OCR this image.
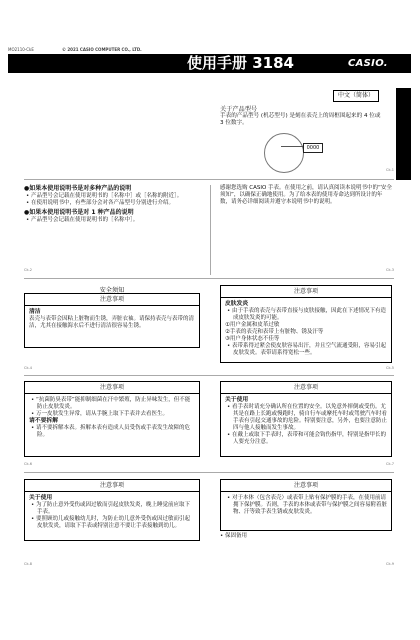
MO2110-CkE	© 2021 CASIO COMPUTER CO., LTD.
使用手册 3184	CASIO.
中文（简体）
关于产品型号
手表的产品型号 (机芯型号) 是刻在表壳上的周框围起来的 4 位或 3 位数字。
0000
Ck-1
●如果本使用说明书是对多种产品的说明
• 产品型号会记载在使用说明书的［名称中］或［名称的附近］。
• 在使用说明书中，有些部分会对各产品型号分别进行介绍。
●如果本使用说明书是对 1 种产品的说明
• 产品型号会记载在使用说明书的［名称中］。
感谢您选购 CASIO 手表。在使用之前，请认真阅读本说明书中的“安全须知”，以确保正确地使用。为了给本表的使用寿命达到所设计的年数，请务必详细阅读并遵守本说明书中的说明。
Ck-2	Ck-3
安全须知
注意事项
清洁
表壳与表带会因粘上脏物而生锈，弄脏衣袖。请保持表壳与表带的清洁，尤其在接触海水后不进行清洁很容易生锈。
注意事项
皮肤发炎
• 由于手表的表壳与表带直接与皮肤接触，因此在下述情况下有造成皮肤发炎的可能。
①用户金属和皮革过敏
②手表的表壳和表带上有脏物、锈及汗等
③用户身体状态不佳等
• 表带系得过紧会使皮肤容易出汗，并且空气流通受阻，容易引起皮肤发炎。表带请系得宽松一些。
Ck-4	Ck-5
注意事项
• “抗菌防臭表带”能抑制细菌在汗中繁殖，防止异味发生，但不能防止皮肤发炎。
• 万一皮肤发生异常，请从手腕上取下手表并去看医生。
请不要拆解
• 请不要拆解本表。拆解本表有造成人员受伤或手表发生故障的危险。
注意事项
关于使用
• 看手表时请充分确认所在位置的安全。以免意外摔倒或受伤。尤其是在路上长跑或慢跑时，骑自行车或摩托车时或驾驶汽车时看手表有引起交通事故的危险。特别要注意，另外，也要注意防止四与他人接触而发生事故。
• 在戴上或取下手表时，表带和可能会钩伤指甲，特别是指甲长的人要充分注意。
Ck-6	Ck-7
注意事项
关于使用
• 为了防止意外受伤或因过敏而引起皮肤发炎，晚上睡觉前应取下手表。
• 要照顾幼儿或接触幼儿时，为防止幼儿意外受伤或因过敏而引起皮肤发炎，请取下手表或特别注意不要让手表接触到幼儿。
注意事项
• 对于本体（包含表壳）或表带上贴有保护膜的手表，在使用前请拥下保护膜。否则，手表的本体或表带与保护膜之间容易附着脏物、汗等致手表生锈或皮肤发炎。
• 保固备用
Ck-8	Ck-9
